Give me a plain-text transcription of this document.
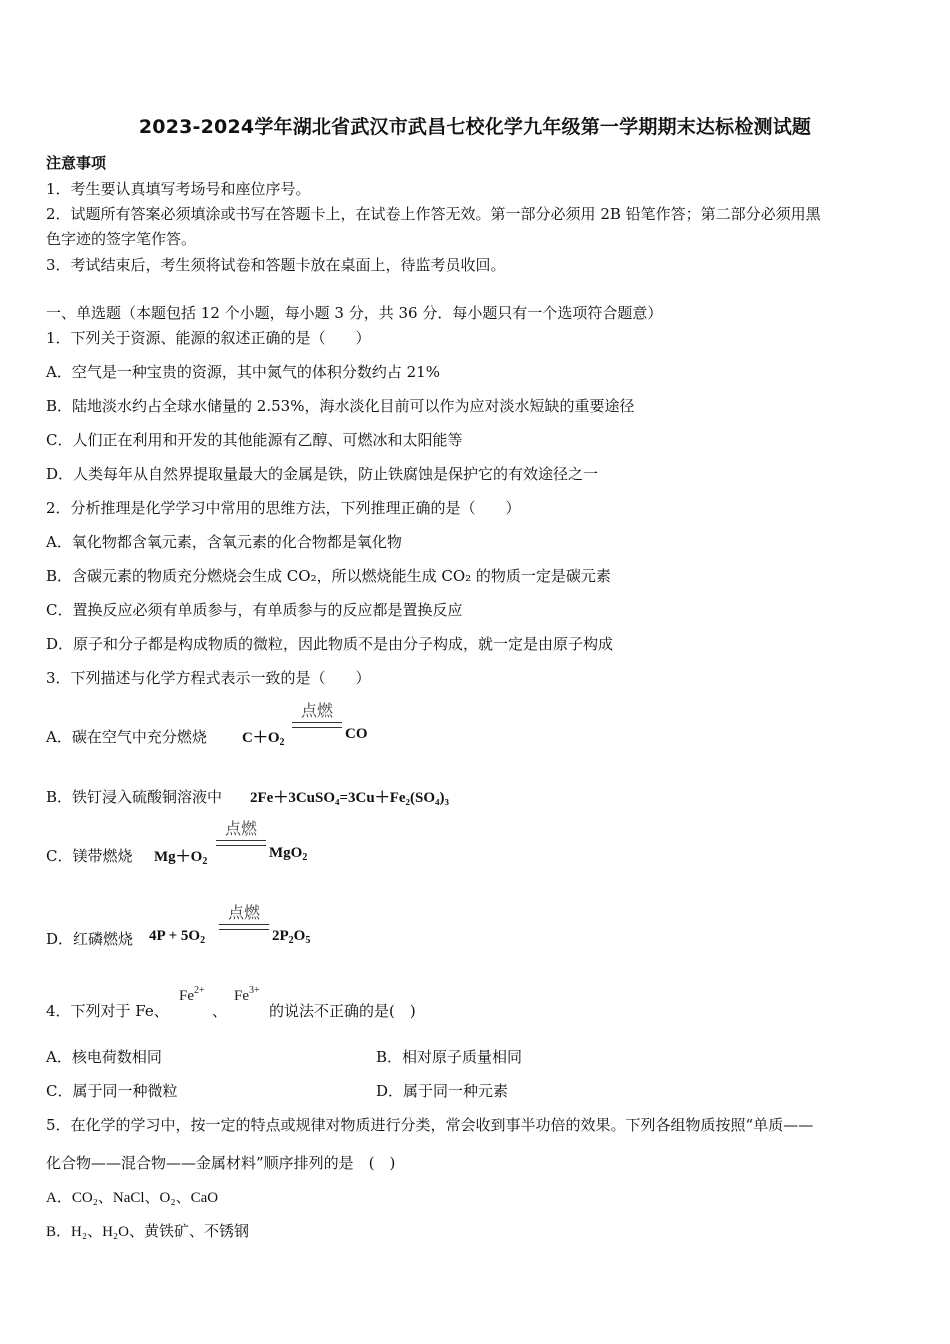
2023-2024学年湖北省武汉市武昌七校化学九年级第一学期期末达标检测试题
注意事项
1．考生要认真填写考场号和座位序号。
2．试题所有答案必须填涂或书写在答题卡上，在试卷上作答无效。第一部分必须用 2B 铅笔作答；第二部分必须用黑
色字迹的签字笔作答。
3．考试结束后，考生须将试卷和答题卡放在桌面上，待监考员收回。
一、单选题（本题包括 12 个小题，每小题 3 分，共 36 分．每小题只有一个选项符合题意）
1．下列关于资源、能源的叙述正确的是（　　）
A．空气是一种宝贵的资源，其中氮气的体积分数约占 21%
B．陆地淡水约占全球水储量的 2.53%，海水淡化目前可以作为应对淡水短缺的重要途径
C．人们正在利用和开发的其他能源有乙醇、可燃冰和太阳能等
D．人类每年从自然界提取量最大的金属是铁，防止铁腐蚀是保护它的有效途径之一
2．分析推理是化学学习中常用的思维方法，下列推理正确的是（　　）
A．氧化物都含氧元素，含氧元素的化合物都是氧化物
B．含碳元素的物质充分燃烧会生成 CO₂，所以燃烧能生成 CO₂ 的物质一定是碳元素
C．置换反应必须有单质参与，有单质参与的反应都是置换反应
D．原子和分子都是构成物质的微粒，因此物质不是由分子构成，就一定是由原子构成
3．下列描述与化学方程式表示一致的是（　　）
A．碳在空气中充分燃烧 $C+O_2$
点燃
CO
B．铁钉浸入硫酸铜溶液中 2Fe＋3CuSO₄=3Cu＋Fe₂(SO₄)₃
C．镁带燃烧 $Mg+O_2$
点燃
MgO$_2$
D．红磷燃烧 $4P + 5O_2$
点燃
$2P_2O_5$
4．下列对于 Fe、
$Fe^{2+}$
、
$Fe^{3+}$
的说法不正确的是(　)
A．核电荷数相同	B．相对原子质量相同
C．属于同一种微粒	D．属于同一种元素
5．在化学的学习中，按一定的特点或规律对物质进行分类，常会收到事半功倍的效果。下列各组物质按照“单质——
化合物——混合物——金属材料”顺序排列的是　(　)
A．CO₂、NaCl、O₂、CaO
B．H₂、H₂O、黄铁矿、不锈钢
